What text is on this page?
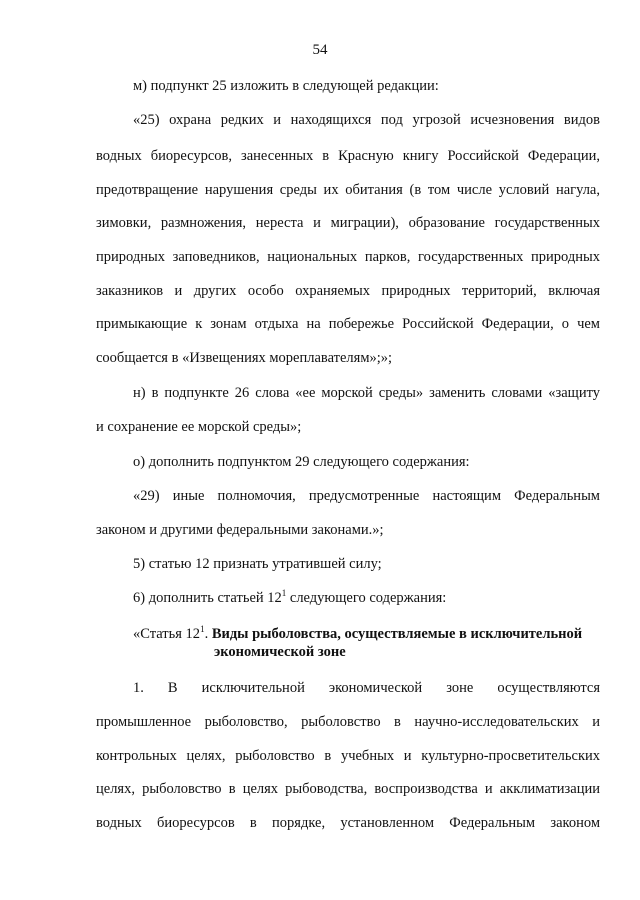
54
м) подпункт 25 изложить в следующей редакции:
«25) охрана редких и находящихся под угрозой исчезновения видов
водных биоресурсов, занесенных в Красную книгу Российской Федерации,
предотвращение нарушения среды их обитания (в том числе условий нагула,
зимовки, размножения, нереста и миграции), образование государственных
природных заповедников, национальных парков, государственных природных
заказников и других особо охраняемых природных территорий, включая
примыкающие к зонам отдыха на побережье Российской Федерации, о чем
сообщается в «Извещениях мореплавателям»;»;
н) в подпункте 26 слова «ее морской среды» заменить словами «защиту
и сохранение ее морской среды»;
о) дополнить подпунктом 29 следующего содержания:
«29) иные полномочия, предусмотренные настоящим Федеральным
законом и другими федеральными законами.»;
5) статью 12 признать утратившей силу;
6) дополнить статьей $12^1$ следующего содержания:
«Статья $12^1$. Виды рыболовства, осуществляемые в исключительной
экономической зоне
1. В исключительной экономической зоне осуществляются
промышленное рыболовство, рыболовство в научно-исследовательских и
контрольных целях, рыболовство в учебных и культурно-просветительских
целях, рыболовство в целях рыбоводства, воспроизводства и акклиматизации
водных биоресурсов в порядке, установленном Федеральным законом
